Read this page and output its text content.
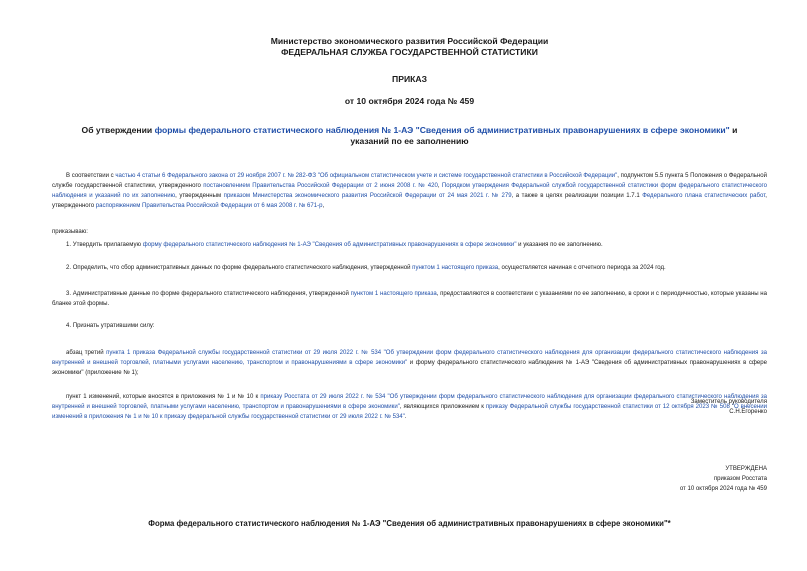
Министерство экономического развития Российской Федерации
ФЕДЕРАЛЬНАЯ СЛУЖБА ГОСУДАРСТВЕННОЙ СТАТИСТИКИ
ПРИКАЗ
от 10 октября 2024 года № 459
Об утверждении формы федерального статистического наблюдения № 1-АЭ "Сведения об административных правонарушениях в сфере экономики" и указаний по ее заполнению
В соответствии с частью 4 статьи 6 Федерального закона от 29 ноября 2007 г. № 282-ФЗ "Об официальном статистическом учете и системе государственной статистики в Российской Федерации", подпунктом 5.5 пункта 5 Положения о Федеральной службе государственной статистики, утвержденного постановлением Правительства Российской Федерации от 2 июня 2008 г. № 420, Порядком утверждения Федеральной службой государственной статистики форм федерального статистического наблюдения и указаний по их заполнению, утвержденным приказом Министерства экономического развития Российской Федерации от 24 мая 2021 г. № 279, а также в целях реализации позиции 1.7.1 Федерального плана статистических работ, утвержденного распоряжением Правительства Российской Федерации от 6 мая 2008 г. № 671-р,
приказываю:
1. Утвердить прилагаемую форму федерального статистического наблюдения № 1-АЭ "Сведения об административных правонарушениях в сфере экономики" и указания по ее заполнению.
2. Определить, что сбор административных данных по форме федерального статистического наблюдения, утвержденной пунктом 1 настоящего приказа, осуществляется начиная с отчетного периода за 2024 год.
3. Административные данные по форме федерального статистического наблюдения, утвержденной пунктом 1 настоящего приказа, предоставляются в соответствии с указаниями по ее заполнению, в сроки и с периодичностью, которые указаны на бланке этой формы.
4. Признать утратившими силу:
абзац третий пункта 1 приказа Федеральной службы государственной статистики от 29 июля 2022 г. № 534 "Об утверждении форм федерального статистического наблюдения для организации федерального статистического наблюдения за внутренней и внешней торговлей, платными услугами населению, транспортом и правонарушениями в сфере экономики" и форму федерального статистического наблюдения № 1-АЭ "Сведения об административных правонарушениях в сфере экономики" (приложение № 1);
пункт 1 изменений, которые вносятся в приложения № 1 и № 10 к приказу Росстата от 29 июля 2022 г. № 534 "Об утверждении форм федерального статистического наблюдения для организации федерального статистического наблюдения за внутренней и внешней торговлей, платными услугами населению, транспортом и правонарушениями в сфере экономики", являющихся приложением к приказу Федеральной службы государственной статистики от 12 октября 2023 № 508 "О внесении изменений в приложения № 1 и № 10 к приказу федеральной службы государственной статистики от 29 июля 2022 г. № 534".
Заместитель руководителя
С.Н.Егоренко
УТВЕРЖДЕНА
приказом Росстата
от 10 октября 2024 года № 459
Форма федерального статистического наблюдения № 1-АЭ "Сведения об административных правонарушениях в сфере экономики"*
